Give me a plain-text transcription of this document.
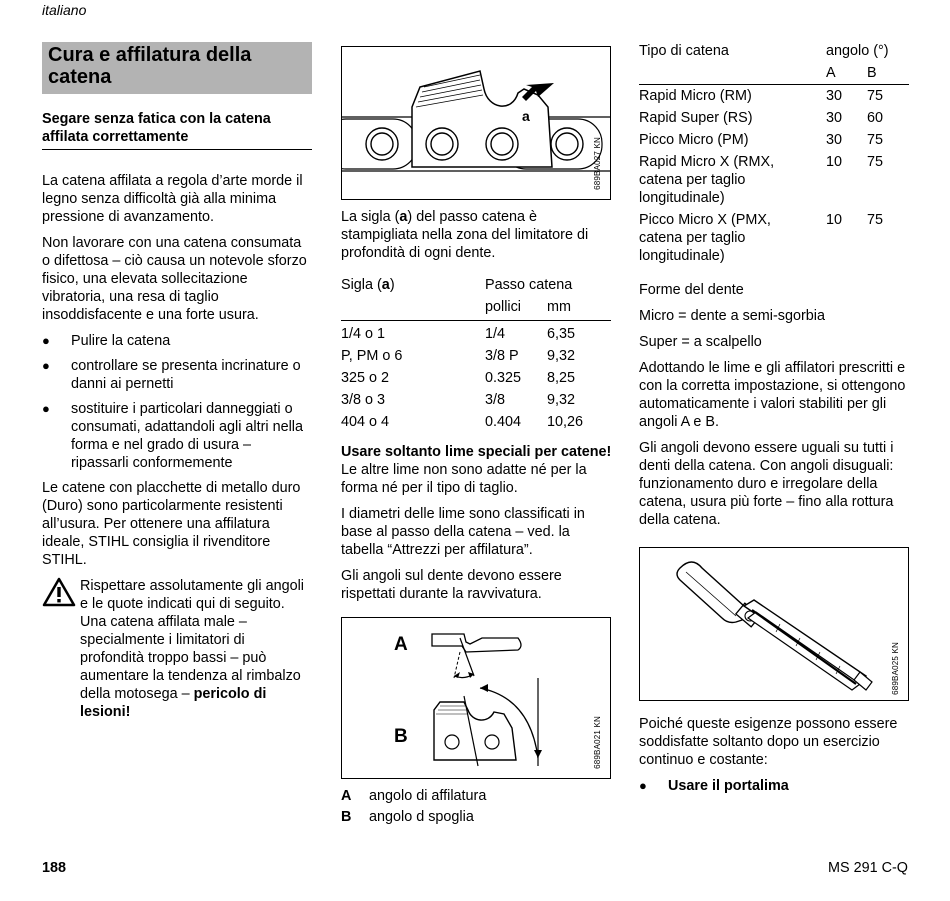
italiano
Cura e affilatura della catena
Segare senza fatica con la catena affilata correttamente

La catena affilata a regola d’arte morde il legno senza difficoltà già alla minima pressione di avanzamento.

Non lavorare con una catena consumata o difettosa – ciò causa un notevole sforzo fisico, una elevata sollecitazione vibratoria, una resa di taglio insoddisfacente e una forte usura.

●	Pulire la catena
●	controllare se presenta incrinature o danni ai pernetti
●	sostituire i particolari danneggiati o consumati, adattandoli agli altri nella forma e nel grado di usura – ripassarli conformemente

Le catene con placchette di metallo duro (Duro) sono particolarmente resistenti all’usura. Per ottenere una affilatura ideale, STIHL consiglia il rivenditore STIHL.

Rispettare assolutamente gli angoli e le quote indicati qui di seguito. Una catena affilata male – specialmente i limitatori di profondità troppo bassi – può aumentare la tendenza al rimbalzo della motosega – pericolo di lesioni!
a
689BA027 KN

La sigla (a) del passo catena è stampigliata nella zona del limitatore di profondità di ogni dente.

Sigla (a)	Passo catena	
	pollici	mm

1/4 o 1	1/4	6,35
P, PM o 6	3/8 P	9,32
325 o 2	0.325	8,25
3/8 o 3	3/8	9,32
404 o 4	0.404	10,26

Usare soltanto lime speciali per catene! Le altre lime non sono adatte né per la forma né per il tipo di taglio.

I diametri delle lime sono classificati in base al passo della catena – ved. la tabella “Attrezzi per affilatura”.

Gli angoli sul dente devono essere rispettati durante la ravvivatura.

A
B	689BA021 KN
A	angolo di affilatura
B	angolo d spoglia
Tipo di catena	angolo (°)	
	A	B

Rapid Micro (RM)	30	75
Rapid Super (RS)	30	60
Picco Micro (PM)	30	75
Rapid Micro X (RMX, catena per taglio longitudinale)	10	75
Picco Micro X (PMX, catena per taglio longitudinale)	10	75

Forme del dente

Micro = dente a semi-sgorbia

Super = a scalpello

Adottando le lime e gli affilatori prescritti e con la corretta impostazione, si ottengono automaticamente i valori stabiliti per gli angoli A e B.

Gli angoli devono essere uguali su tutti i denti della catena. Con angoli disuguali: funzionamento duro e irregolare della catena, usura più forte – fino alla rottura della catena.

689BA025 KN

Poiché queste esigenze possono essere soddisfatte soltanto dopo un esercizio continuo e costante:

●	Usare il portalima
188	MS 291 C-Q
